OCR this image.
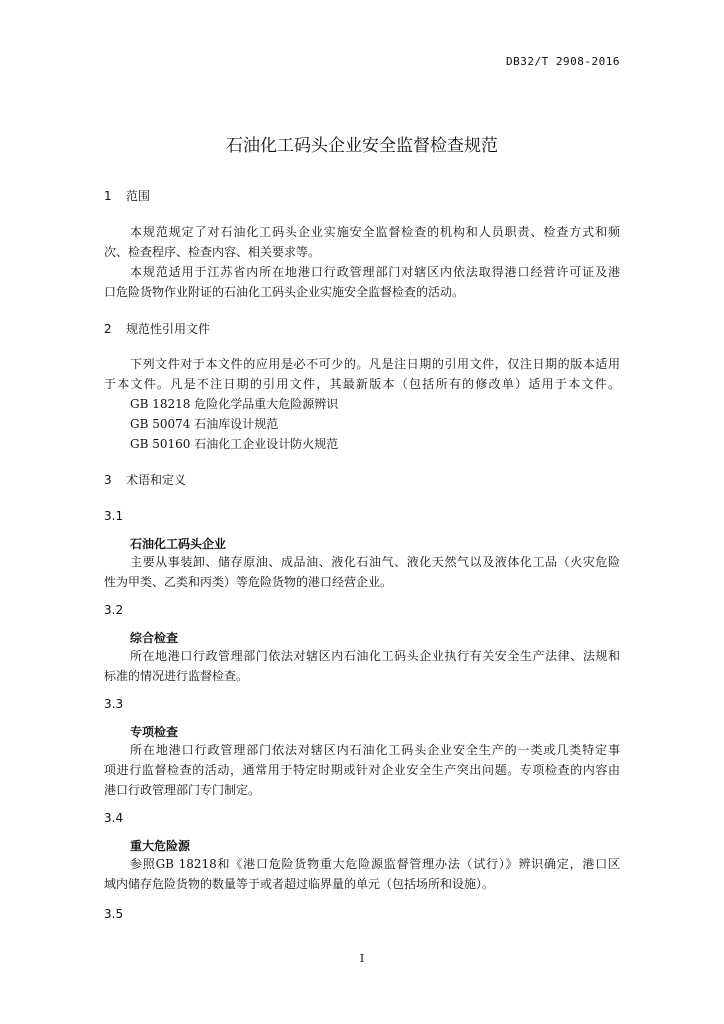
DB32/T 2908-2016
石油化工码头企业安全监督检查规范
1 范围
本规范规定了对石油化工码头企业实施安全监督检查的机构和人员职责、检查方式和频
次、检查程序、检查内容、相关要求等。
本规范适用于江苏省内所在地港口行政管理部门对辖区内依法取得港口经营许可证及港
口危险货物作业附证的石油化工码头企业实施安全监督检查的活动。
2 规范性引用文件
下列文件对于本文件的应用是必不可少的。凡是注日期的引用文件，仅注日期的版本适用
于本文件。凡是不注日期的引用文件，其最新版本（包括所有的修改单）适用于本文件。
GB 18218 危险化学品重大危险源辨识
GB 50074 石油库设计规范
GB 50160 石油化工企业设计防火规范
3 术语和定义
3.1
石油化工码头企业
主要从事装卸、储存原油、成品油、液化石油气、液化天然气以及液体化工品（火灾危险
性为甲类、乙类和丙类）等危险货物的港口经营企业。
3.2
综合检查
所在地港口行政管理部门依法对辖区内石油化工码头企业执行有关安全生产法律、法规和
标准的情况进行监督检查。
3.3
专项检查
所在地港口行政管理部门依法对辖区内石油化工码头企业安全生产的一类或几类特定事
项进行监督检查的活动，通常用于特定时期或针对企业安全生产突出问题。专项检查的内容由
港口行政管理部门专门制定。
3.4
重大危险源
参照GB 18218和《港口危险货物重大危险源监督管理办法（试行）》辨识确定，港口区
域内储存危险货物的数量等于或者超过临界量的单元（包括场所和设施）。
3.5
I
